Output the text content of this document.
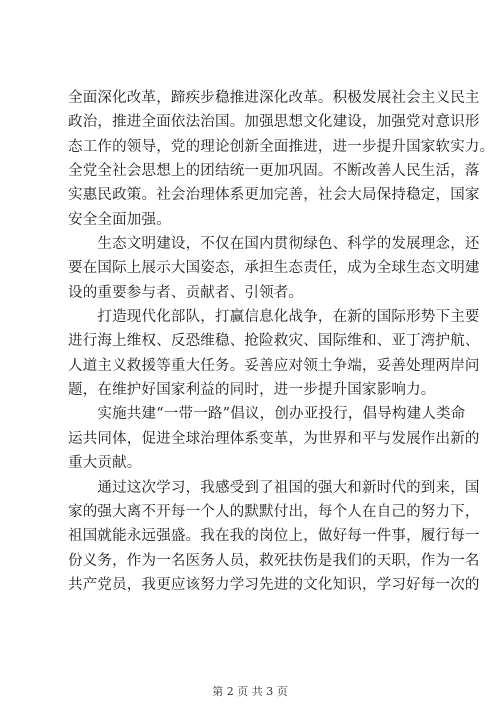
全面深化改革，蹄疾步稳推进深化改革。积极发展社会主义民主
政治，推进全面依法治国。加强思想文化建设，加强党对意识形
态工作的领导，党的理论创新全面推进，进一步提升国家软实力。
全党全社会思想上的团结统一更加巩固。不断改善人民生活，落
实惠民政策。社会治理体系更加完善，社会大局保持稳定，国家
安全全面加强。
　　生态文明建设，不仅在国内贯彻绿色、科学的发展理念，还
要在国际上展示大国姿态，承担生态责任，成为全球生态文明建
设的重要参与者、贡献者、引领者。
　　打造现代化部队，打赢信息化战争，在新的国际形势下主要
进行海上维权、反恐维稳、抢险救灾、国际维和、亚丁湾护航、
人道主义救援等重大任务。妥善应对领土争端，妥善处理两岸问
题，在维护好国家利益的同时，进一步提升国家影响力。
　　实施共建“一带一路”倡议，创办亚投行，倡导构建人类命
运共同体，促进全球治理体系变革，为世界和平与发展作出新的
重大贡献。
　　通过这次学习，我感受到了祖国的强大和新时代的到来，国
家的强大离不开每一个人的默默付出，每个人在自己的努力下，
祖国就能永远强盛。我在我的岗位上，做好每一件事，履行每一
份义务，作为一名医务人员，救死扶伤是我们的天职，作为一名
共产党员，我更应该努力学习先进的文化知识，学习好每一次的
第 2 页 共 3 页
